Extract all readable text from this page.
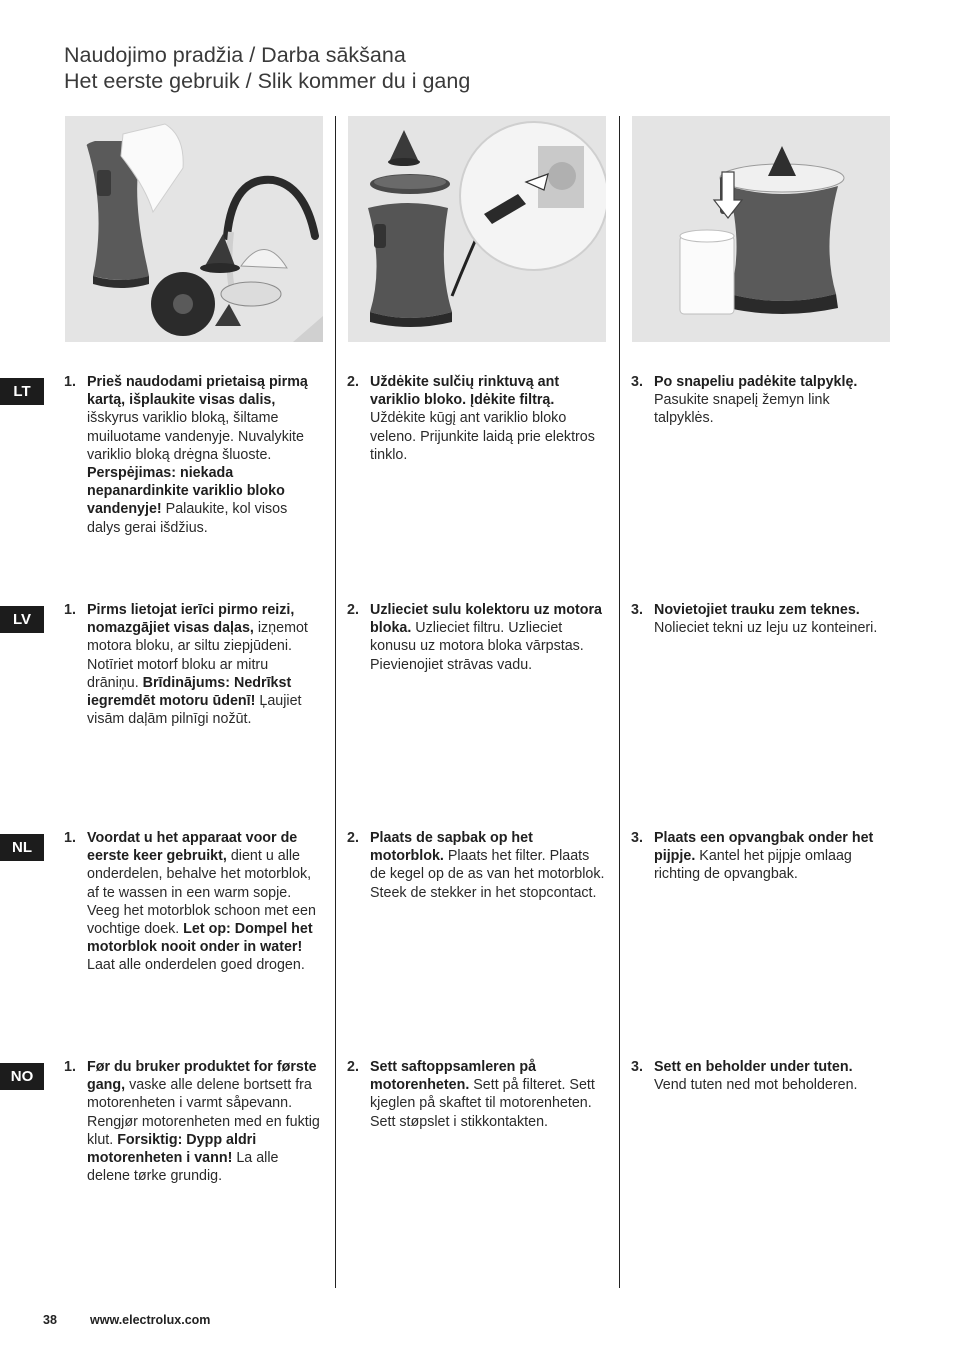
Naudojimo pradžia / Darba sākšana
Het eerste gebruik / Slik kommer du i gang
LT
LV
NL
NO
1. Prieš naudodami prietaisą pirmą kartą, išplaukite visas dalis, išskyrus variklio bloką, šiltame muiluotame vandenyje. Nuvalykite variklio bloką drėgna šluoste. Perspėjimas: niekada nepanardinkite variklio bloko vandenyje! Palaukite, kol visos dalys gerai išdžius.
2. Uždėkite sulčių rinktuvą ant variklio bloko. Įdėkite filtrą. Uždėkite kūgį ant variklio bloko veleno. Prijunkite laidą prie elektros tinklo.
3. Po snapeliu padėkite talpyklę. Pasukite snapelį žemyn link talpyklės.
1. Pirms lietojat ierīci pirmo reizi, nomazgājiet visas daļas, izņemot motora bloku, ar siltu ziepjūdeni. Notīriet motorf bloku ar mitru drāniņu. Brīdinājums: Nedrīkst iegremdēt motoru ūdenī! Ļaujiet visām daļām pilnīgi nožūt.
2. Uzlieciet sulu kolektoru uz motora bloka. Uzlieciet filtru. Uzlieciet konusu uz motora bloka vārpstas. Pievienojiet strāvas vadu.
3. Novietojiet trauku zem teknes. Nolieciet tekni uz leju uz konteineri.
1. Voordat u het apparaat voor de eerste keer gebruikt, dient u alle onderdelen, behalve het motorblok, af te wassen in een warm sopje. Veeg het motorblok schoon met een vochtige doek. Let op: Dompel het motorblok nooit onder in water! Laat alle onderdelen goed drogen.
2. Plaats de sapbak op het motorblok. Plaats het filter. Plaats de kegel op de as van het motorblok. Steek de stekker in het stopcontact.
3. Plaats een opvangbak onder het pijpje. Kantel het pijpje omlaag richting de opvangbak.
1. Før du bruker produktet for første gang, vaske alle delene bortsett fra motorenheten i varmt såpevann. Rengjør motorenheten med en fuktig klut. Forsiktig: Dypp aldri motorenheten i vann! La alle delene tørke grundig.
2. Sett saftoppsamleren på motorenheten. Sett på filteret. Sett kjeglen på skaftet til motorenheten. Sett støpslet i stikkontakten.
3. Sett en beholder under tuten. Vend tuten ned mot beholderen.
38	www.electrolux.com
